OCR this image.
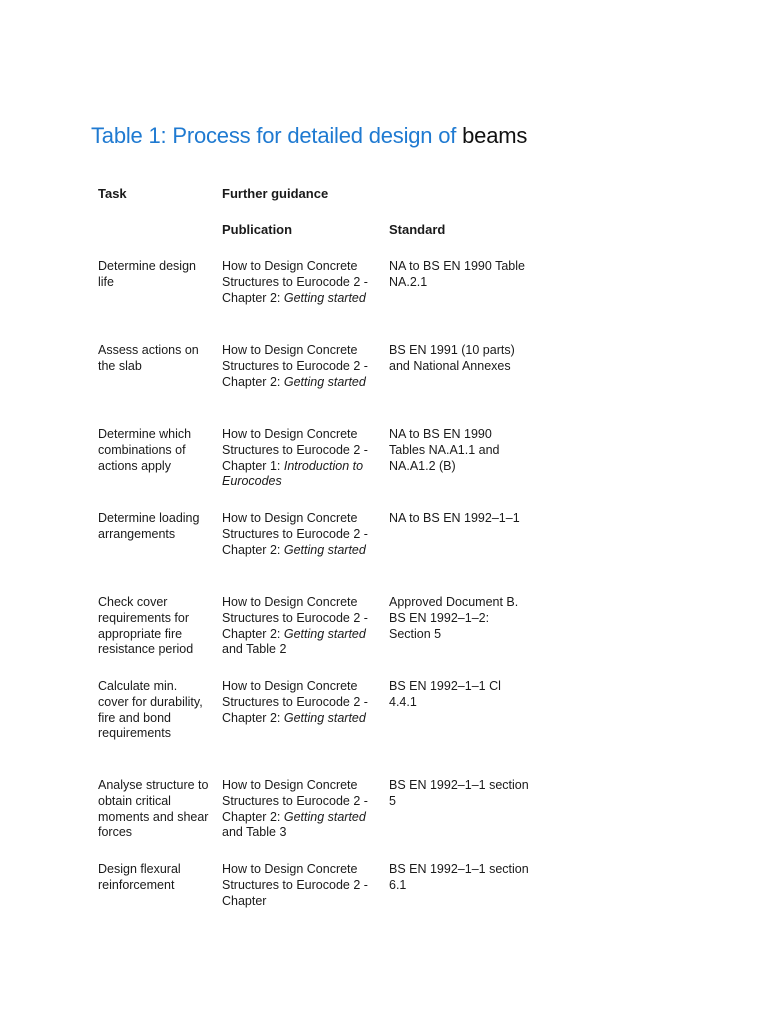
Table 1: Process for detailed design of beams
Task	Further guidance
Publication	Standard

Determine design life

How to Design Concrete Structures to Eurocode 2 - Chapter 2: Getting started

NA to BS EN 1990 Table NA.2.1

Assess actions on the slab

How to Design Concrete Structures to Eurocode 2 - Chapter 2: Getting started

BS EN 1991 (10 parts) and National Annexes

Determine which combinations of actions apply

How to Design Concrete Structures to Eurocode 2 - Chapter 1: Introduction to Eurocodes

NA to BS EN 1990 Tables NA.A1.1 and NA.A1.2 (B)

Determine loading arrangements

How to Design Concrete Structures to Eurocode 2 - Chapter 2: Getting started

NA to BS EN 1992–1–1

Check cover requirements for appropriate fire resistance period

How to Design Concrete Structures to Eurocode 2 - Chapter 2: Getting started and Table 2

Approved Document B. BS EN 1992–1–2: Section 5

Calculate min. cover for durability, fire and bond requirements

How to Design Concrete Structures to Eurocode 2 - Chapter 2: Getting started

BS EN 1992–1–1 Cl 4.4.1

Analyse structure to obtain critical moments and shear forces

How to Design Concrete Structures to Eurocode 2 - Chapter 2: Getting started and Table 3

BS EN 1992–1–1 section 5

Design flexural reinforcement

How to Design Concrete Structures to Eurocode 2 - Chapter

BS EN 1992–1–1 section 6.1
